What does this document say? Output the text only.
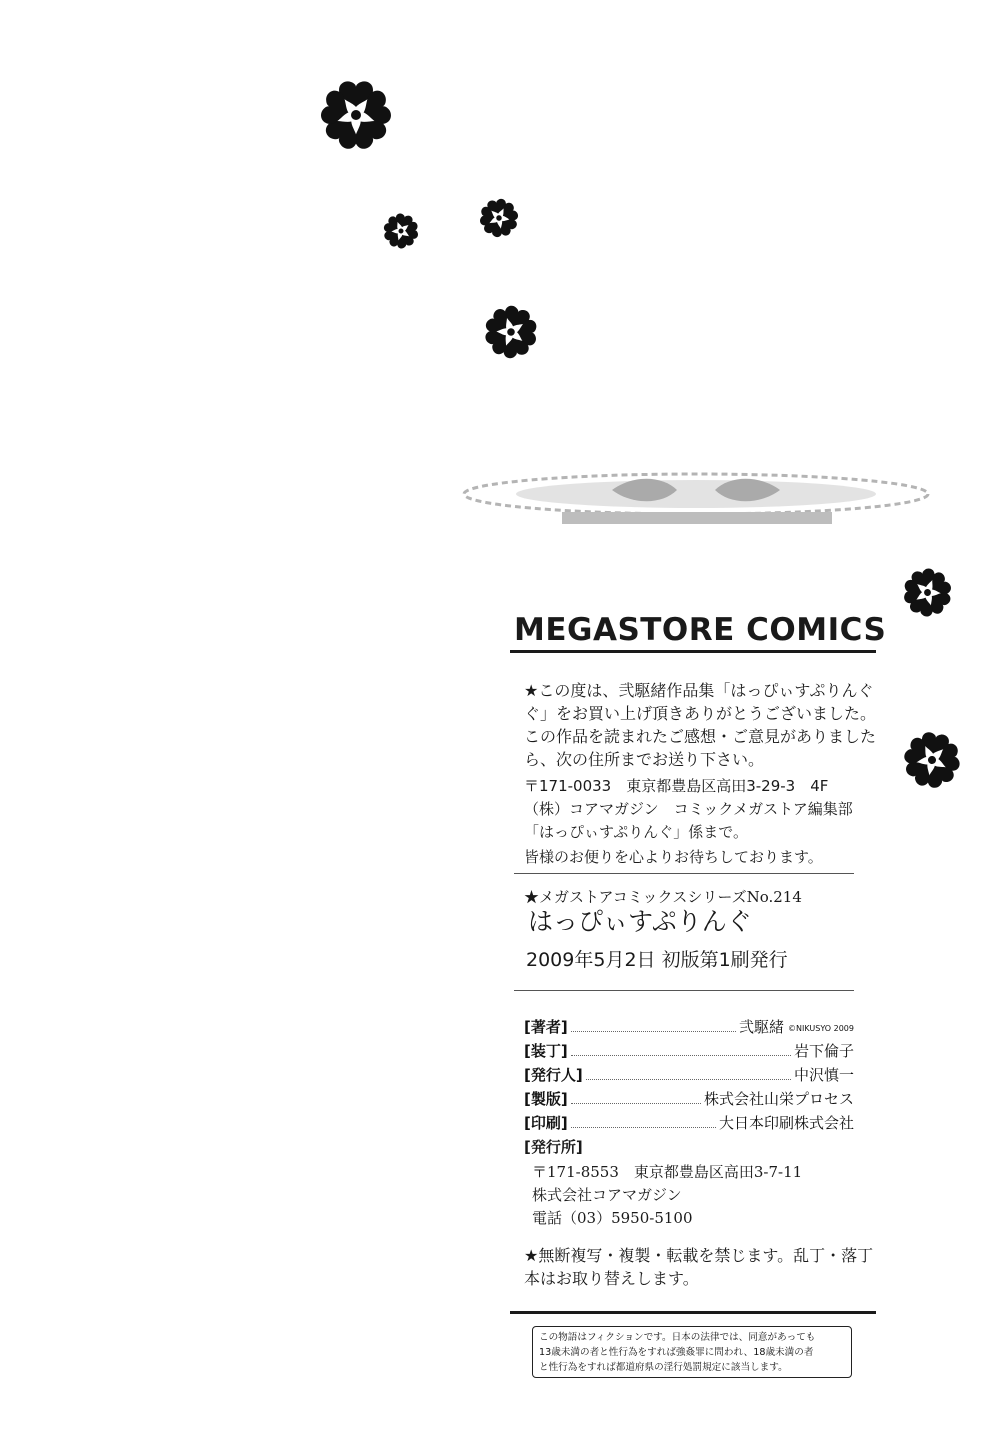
MEGASTORE COMICS
★この度は、弐駆緒作品集「はっぴぃすぷりんぐ
ぐ」をお買い上げ頂きありがとうございました。
この作品を読まれたご感想・ご意見がありました
ら、次の住所までお送り下さい。
〒171-0033　東京都豊島区高田3-29-3　4F
（株）コアマガジン　コミックメガストア編集部
「はっぴぃすぷりんぐ」係まで。
皆様のお便りを心よりお待ちしております。
★メガストアコミックスシリーズNo.214
はっぴぃすぷりんぐ
2009年5月2日 初版第1刷発行
[著者]	弐駆緒 ©NIKUSYO 2009
[装丁]	岩下倫子
[発行人]	中沢慎一
[製版]	株式会社山栄プロセス
[印刷]	大日本印刷株式会社
[発行所]
〒171-8553　東京都豊島区高田3-7-11
株式会社コアマガジン
電話（03）5950-5100
★無断複写・複製・転載を禁じます。乱丁・落丁
本はお取り替えします。
この物語はフィクションです。日本の法律では、同意があっても
13歳未満の者と性行為をすれば強姦罪に問われ、18歳未満の者
と性行為をすれば都道府県の淫行処罰規定に該当します。
